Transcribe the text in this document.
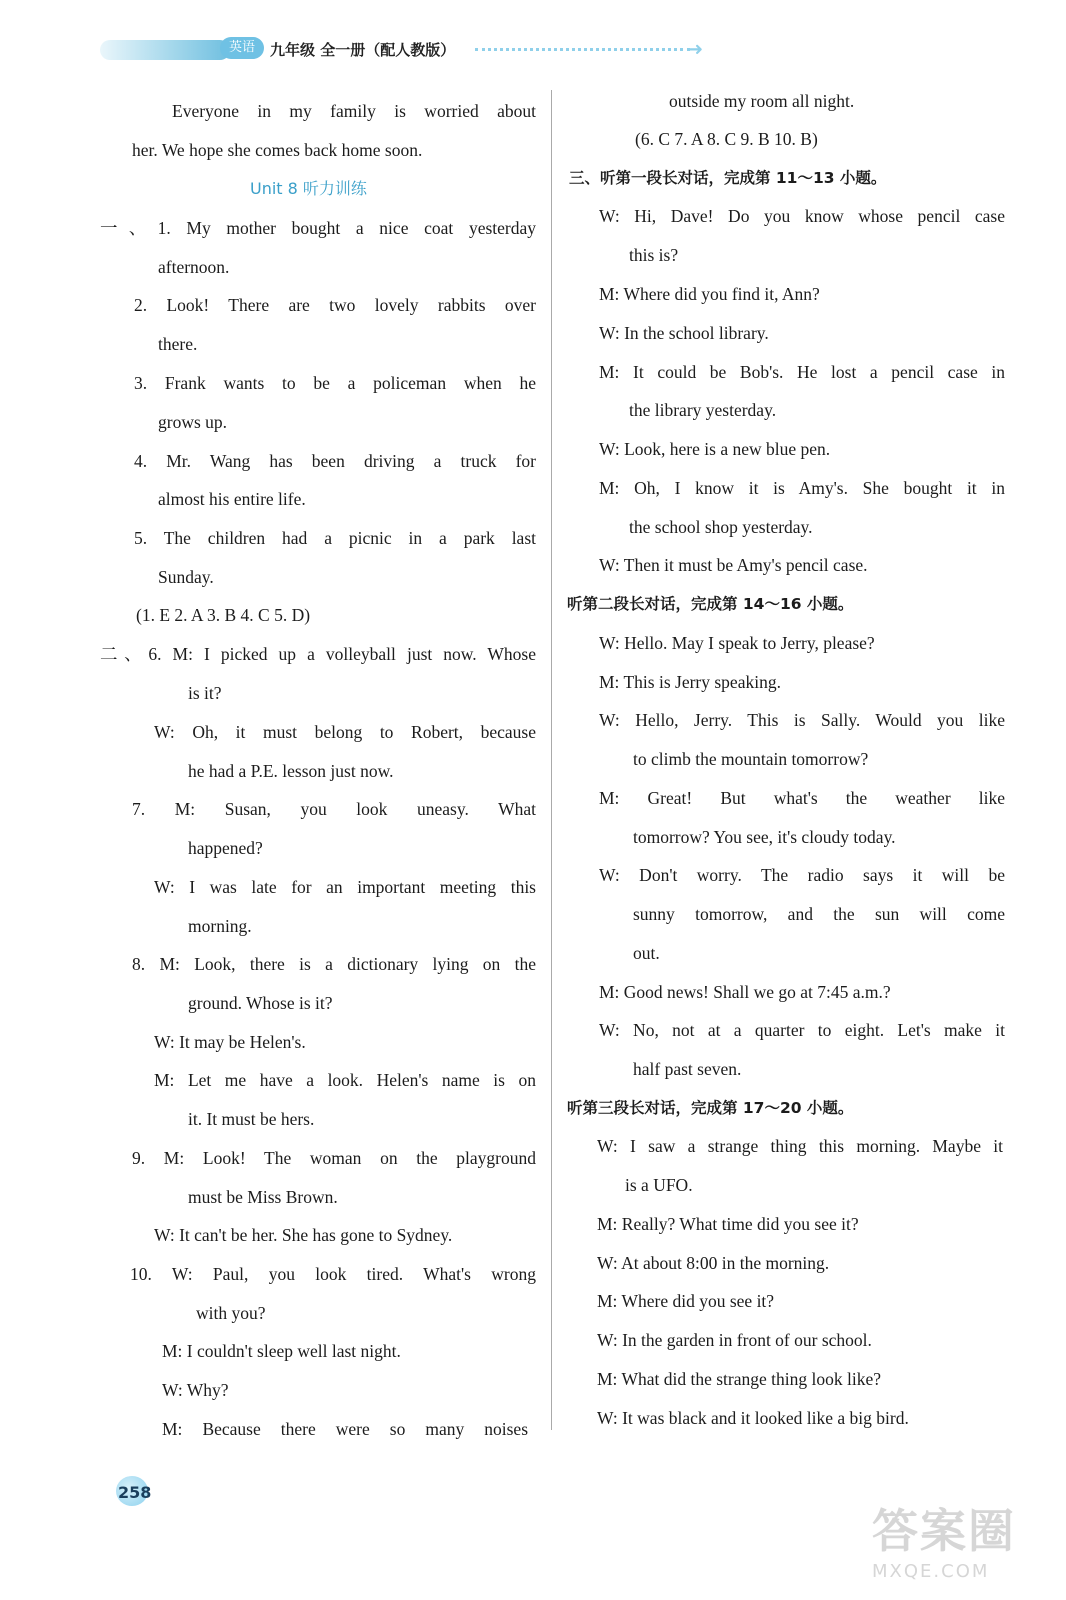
英语	九年级 全一册（配人教版）	➜
Everyone in my family is worried about
her. We hope she comes back home soon.
Unit 8 听力训练
一、1. My mother bought a nice coat yesterday
afternoon.
2. Look! There are two lovely rabbits over
there.
3. Frank wants to be a policeman when he
grows up.
4. Mr. Wang has been driving a truck for
almost his entire life.
5. The children had a picnic in a park last
Sunday.
(1. E 2. A 3. B 4. C 5. D)
二、6. M: I picked up a volleyball just now. Whose
is it?
W: Oh, it must belong to Robert, because
he had a P.E. lesson just now.
7. M: Susan, you look uneasy. What
happened?
W: I was late for an important meeting this
morning.
8. M: Look, there is a dictionary lying on the
ground. Whose is it?
W: It may be Helen's.
M: Let me have a look. Helen's name is on
it. It must be hers.
9. M: Look! The woman on the playground
must be Miss Brown.
W: It can't be her. She has gone to Sydney.
10. W: Paul, you look tired. What's wrong
with you?
M: I couldn't sleep well last night.
W: Why?
M: Because there were so many noises
outside my room all night.
(6. C 7. A 8. C 9. B 10. B)
三、听第一段长对话，完成第 11～13 小题。
W: Hi, Dave! Do you know whose pencil case
this is?
M: Where did you find it, Ann?
W: In the school library.
M: It could be Bob's. He lost a pencil case in
the library yesterday.
W: Look, here is a new blue pen.
M: Oh, I know it is Amy's. She bought it in
the school shop yesterday.
W: Then it must be Amy's pencil case.
听第二段长对话，完成第 14～16 小题。
W: Hello. May I speak to Jerry, please?
M: This is Jerry speaking.
W: Hello, Jerry. This is Sally. Would you like
to climb the mountain tomorrow?
M: Great! But what's the weather like
tomorrow? You see, it's cloudy today.
W: Don't worry. The radio says it will be
sunny tomorrow, and the sun will come
out.
M: Good news! Shall we go at 7:45 a.m.?
W: No, not at a quarter to eight. Let's make it
half past seven.
听第三段长对话，完成第 17～20 小题。
W: I saw a strange thing this morning. Maybe it
is a UFO.
M: Really? What time did you see it?
W: At about 8:00 in the morning.
M: Where did you see it?
W: In the garden in front of our school.
M: What did the strange thing look like?
W: It was black and it looked like a big bird.
258
答案圈
MXQE.COM
